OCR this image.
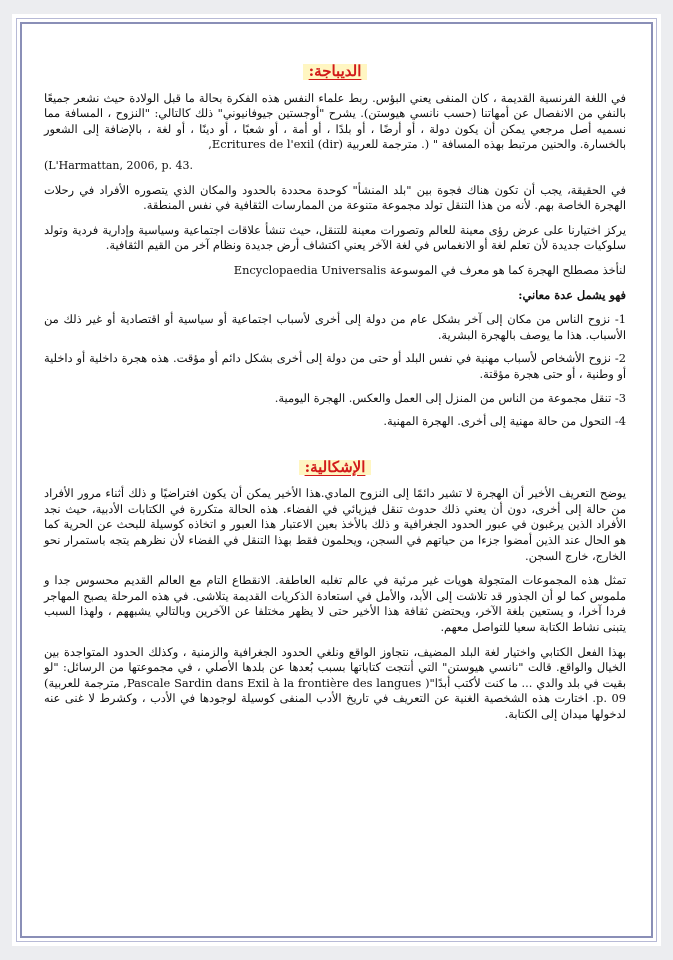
الديباجة:

في اللغة الفرنسية القديمة ، كان المنفى يعني البؤس. ربط علماء النفس هذه الفكرة بحالة ما قبل الولادة حيث نشعر جميعًا بالنفي من الانفصال عن أمهاتنا (حسب نانسي هيوستن). يشرح "أوجستين جيوفانيوني" ذلك كالتالي: "النزوح ، المسافة مما نسميه أصل مرجعي يمكن أن يكون دولة ، أو أرضًا ، أو بلدًا ، أو أمة ، أو شعبًا ، أو دينًا ، أو لغة ، بالإضافة إلى الشعور بالخسارة. والحنين مرتبط بهذه المسافة " (. مترجمة للعربية Ecritures de l'exil (dir),

(L'Harmattan, 2006, p. 43.

في الحقيقة، يجب أن تكون هناك فجوة بين "بلد المنشأ" كوحدة محددة بالحدود والمكان الذي يتصوره الأفراد في رحلات الهجرة الخاصة بهم. لأنه من هذا التنقل تولد مجموعة متنوعة من الممارسات الثقافية في نفس المنطقة.

يركز اختيارنا على عرض رؤى معينة للعالم وتصورات معينة للتنقل، حيث تنشأ علاقات اجتماعية وسياسية وإدارية فردية وتولد سلوكيات جديدة لأن تعلم لغة أو الانغماس في لغة الآخر يعني اكتشاف أرض جديدة ونظام آخر من القيم الثقافية.

لنأخذ مصطلح الهجرة كما هو معرف في الموسوعة Encyclopaedia Universalis

فهو يشمل عدة معاني:

1- نزوح الناس من مكان إلى آخر بشكل عام من دولة إلى أخرى لأسباب اجتماعية أو سياسية أو اقتصادية أو غير ذلك من الأسباب. هذا ما يوصف بالهجرة البشرية.
2- نزوح الأشخاص لأسباب مهنية في نفس البلد أو حتى من دولة إلى أخرى بشكل دائم أو مؤقت. هذه هجرة داخلية أو داخلية أو وطنية ، أو حتى هجرة مؤقتة.
3- تنقل مجموعة من الناس من المنزل إلى العمل والعكس. الهجرة اليومية.
4- التحول من حالة مهنية إلى أخرى. الهجرة المهنية.
الإشكالية:

يوضح التعريف الأخير أن الهجرة لا تشير دائمًا إلى النزوح المادي.هذا الأخير يمكن أن يكون افتراضيًا و ذلك أثناء مرور الأفراد من حالة إلى أخرى، دون أن يعني ذلك حدوث تنقل فيزيائي في الفضاء. هذه الحالة متكررة في الكتابات الأدبية، حيث نجد الأفراد الذين يرغبون في عبور الحدود الجغرافية و ذلك بالأخذ بعين الاعتبار هذا العبور و اتخاذه كوسيلة للبحث عن الحرية كما هو الحال عند الذين أمضوا جزءا من حياتهم في السجن، ويحلمون فقط بهذا التنقل في الفضاء لأن نظرهم يتجه باستمرار نحو الخارج، خارج السجن.

تمثل هذه المجموعات المتجولة هويات غير مرئية في عالم تغلبه العاطفة. الانقطاع التام مع العالم القديم محسوس جدا و ملموس كما لو أن الجذور قد تلاشت إلى الأبد، والأمل في استعادة الذكريات القديمة يتلاشى. في هذه المرحلة يصبح المهاجر فردا آخرا، و يستعين بلغة الآخر، ويحتضن ثقافة هذا الأخير حتى لا يظهر مختلفا عن الآخرين وبالتالي يشبههم ، ولهذا السبب يتبنى نشاط الكتابة سعيا للتواصل معهم.

بهذا الفعل الكتابي واختيار لغة البلد المضيف، نتجاوز الواقع ونلغي الحدود الجغرافية والزمنية ، وكذلك الحدود المتواجدة بين الخيال والواقع. قالت "نانسي هيوستن" التي أنتجت كتاباتها بسبب بُعدها عن بلدها الأصلي ، في مجموعتها من الرسائل: "لو بقيت في بلد والدي ... ما كنت لأكتب أبدًا"( Pascale Sardin dans Exil à la frontière des langues, مترجمة للعربية) p. 09. اختارت هذه الشخصية الغنية عن التعريف في تاريخ الأدب المنفى كوسيلة لوجودها في الأدب ، وكشرط لا غنى عنه لدخولها ميدان إلى الكتابة.
